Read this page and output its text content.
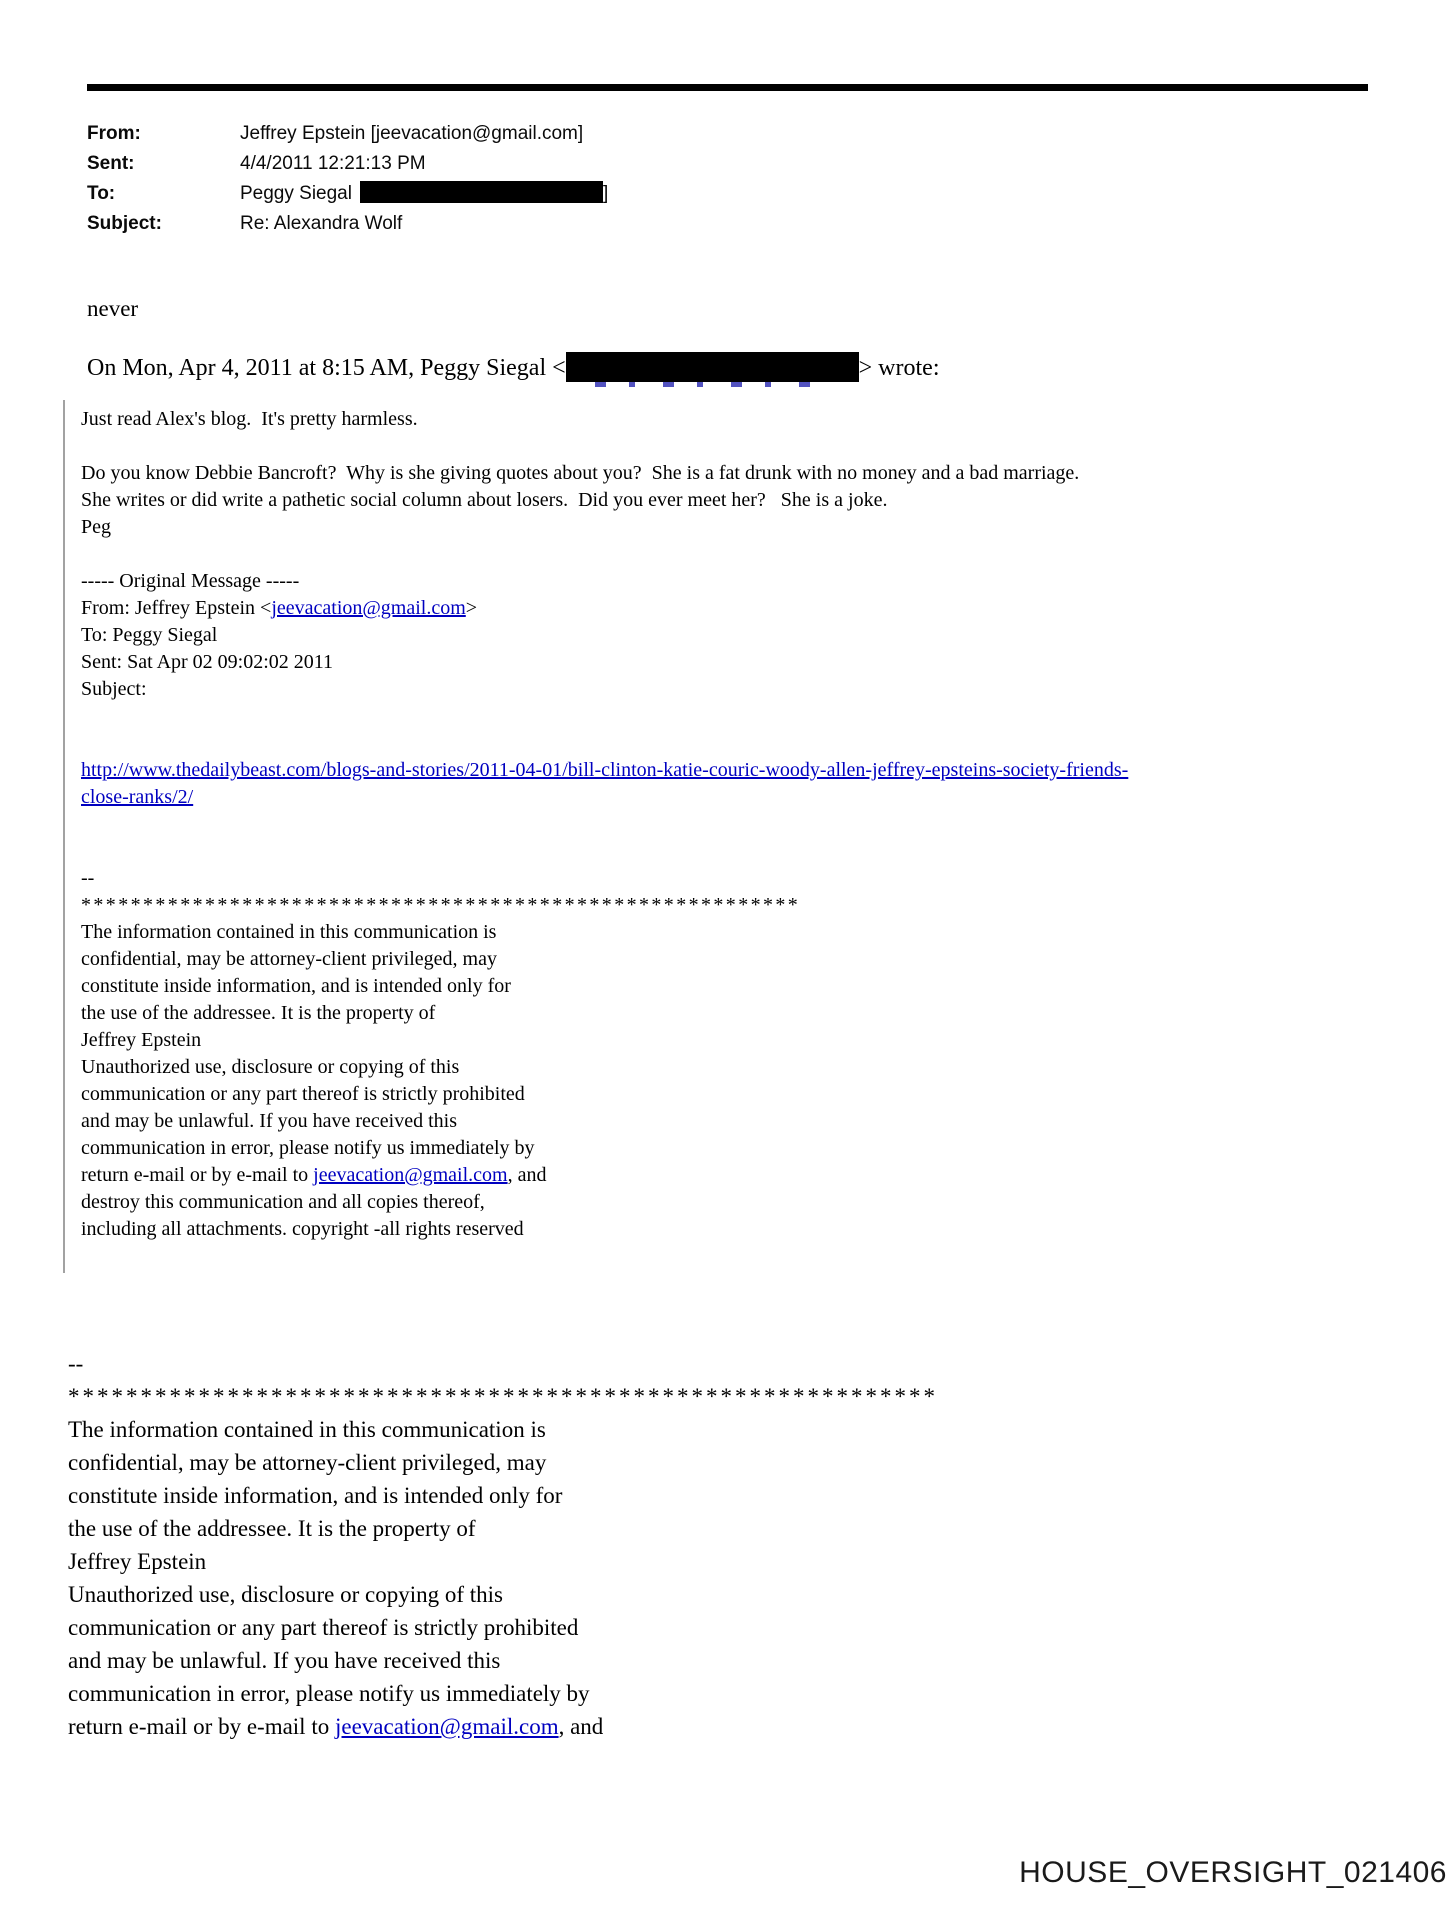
From:	Jeffrey Epstein [jeevacation@gmail.com]
Sent:	4/4/2011 12:21:13 PM
To:	Peggy Siegal	]
Subject:	Re: Alexandra Wolf
never
On Mon, Apr 4, 2011 at 8:15 AM, Peggy Siegal <	> wrote:

Just read Alex's blog.  It's pretty harmless.

Do you know Debbie Bancroft?  Why is she giving quotes about you?  She is a fat drunk with no money and a bad marriage.  She writes or did write a pathetic social column about losers.  Did you ever meet her?   She is a joke.
Peg

----- Original Message -----
From: Jeffrey Epstein <jeevacation@gmail.com>
To: Peggy Siegal
Sent: Sat Apr 02 09:02:02 2011
Subject:
http://www.thedailybeast.com/blogs-and-stories/2011-04-01/bill-clinton-katie-couric-woody-allen-jeffrey-epsteins-society-friends-
close-ranks/2/
--
**********************************************************
The information contained in this communication is
confidential, may be attorney-client privileged, may
constitute inside information, and is intended only for
the use of the addressee. It is the property of
Jeffrey Epstein
Unauthorized use, disclosure or copying of this
communication or any part thereof is strictly prohibited
and may be unlawful. If you have received this
communication in error, please notify us immediately by
return e-mail or by e-mail to jeevacation@gmail.com, and
destroy this communication and all copies thereof,
including all attachments. copyright -all rights reserved
--
************************************************************
The information contained in this communication is
confidential, may be attorney-client privileged, may
constitute inside information, and is intended only for
the use of the addressee. It is the property of
Jeffrey Epstein
Unauthorized use, disclosure or copying of this
communication or any part thereof is strictly prohibited
and may be unlawful. If you have received this
communication in error, please notify us immediately by
return e-mail or by e-mail to jeevacation@gmail.com, and
HOUSE_OVERSIGHT_021406
